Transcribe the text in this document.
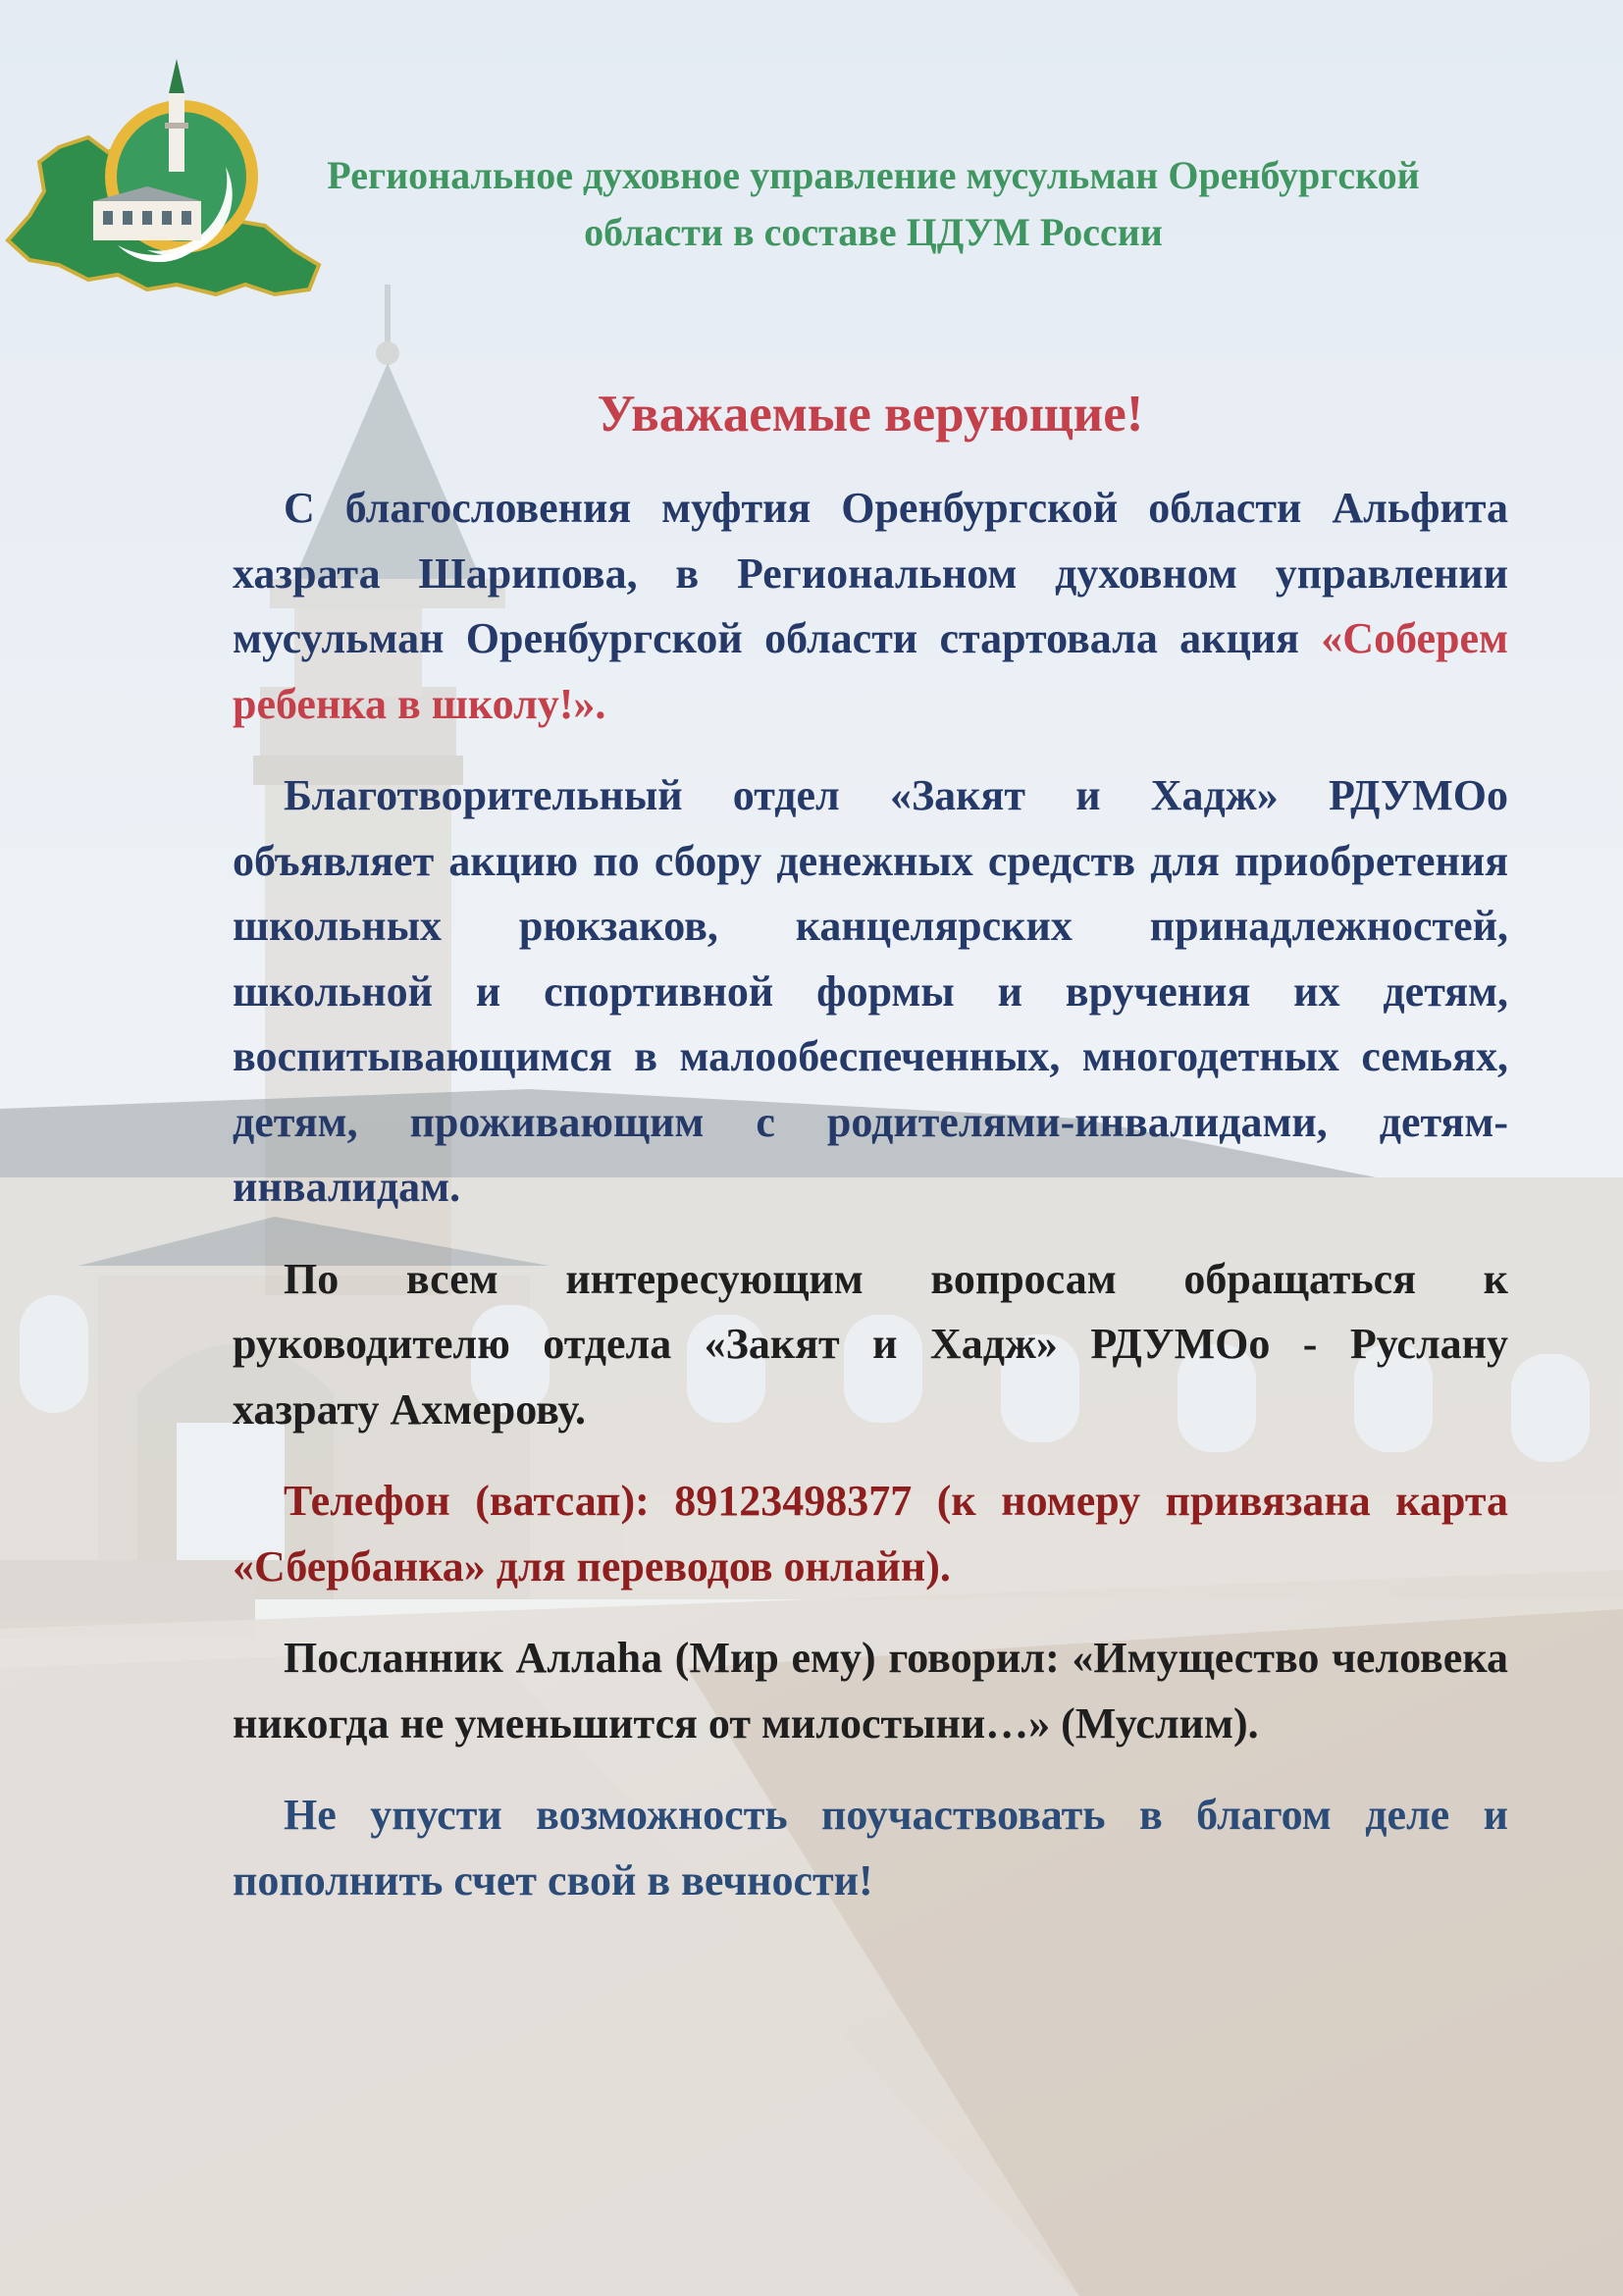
Региональное духовное управление мусульман Оренбургской
области в составе ЦДУМ России
Уважаемые верующие!

С благословения муфтия Оренбургской области Альфита хазрата Шарипова, в Региональном духовном управлении мусульман Оренбургской области стартовала акция «Соберем ребенка в школу!».

Благотворительный отдел «Закят и Хадж» РДУМОо объявляет акцию по сбору денежных средств для приобретения школьных рюкзаков, канцелярских принадлежностей, школьной и спортивной формы и вручения их детям, воспитывающимся в малообеспеченных, многодетных семьях, детям, проживающим с родителями-инвалидами, детям-инвалидам.

По всем интересующим вопросам обращаться к руководителю отдела «Закят и Хадж» РДУМОо - Руслану хазрату Ахмерову.

Телефон (ватсап): 89123498377 (к номеру привязана карта «Сбербанка» для переводов онлайн).

Посланник Аллаһа (Мир ему) говорил: «Имущество человека никогда не уменьшится от милостыни…» (Муслим).

Не упусти возможность поучаствовать в благом деле и пополнить счет свой в вечности!
